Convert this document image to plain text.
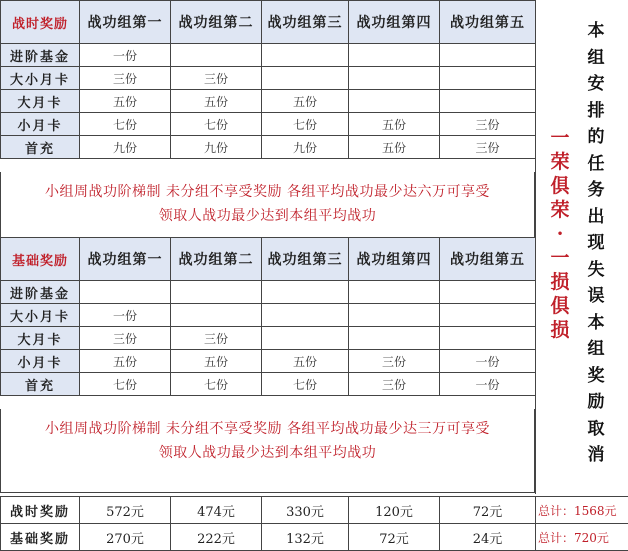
战时奖励	战功组第一	战功组第二	战功组第三	战功组第四	战功组第五
进阶基金	一份				
大小月卡	三份	三份			
大月卡	五份	五份	五份		
小月卡	七份	七份	七份	五份	三份
首充	九份	九份	九份	五份	三份
小组周战功阶梯制 未分组不享受奖励 各组平均战功最少达六万可享受
领取人战功最少达到本组平均战功
基础奖励	战功组第一	战功组第二	战功组第三	战功组第四	战功组第五
进阶基金					
大小月卡	一份				
大月卡	三份	三份			
小月卡	五份	五份	五份	三份	一份
首充	七份	七份	七份	三份	一份
小组周战功阶梯制 未分组不享受奖励 各组平均战功最少达三万可享受
领取人战功最少达到本组平均战功
本
组
安
排
的
任
务
出
现
失
误
本
组
奖
励
取
消
一
荣
俱
荣
·
一
损
俱
损
战时奖励	572元	474元	330元	120元	72元	总计：1568元
基础奖励	270元	222元	132元	72元	24元	总计：720元
